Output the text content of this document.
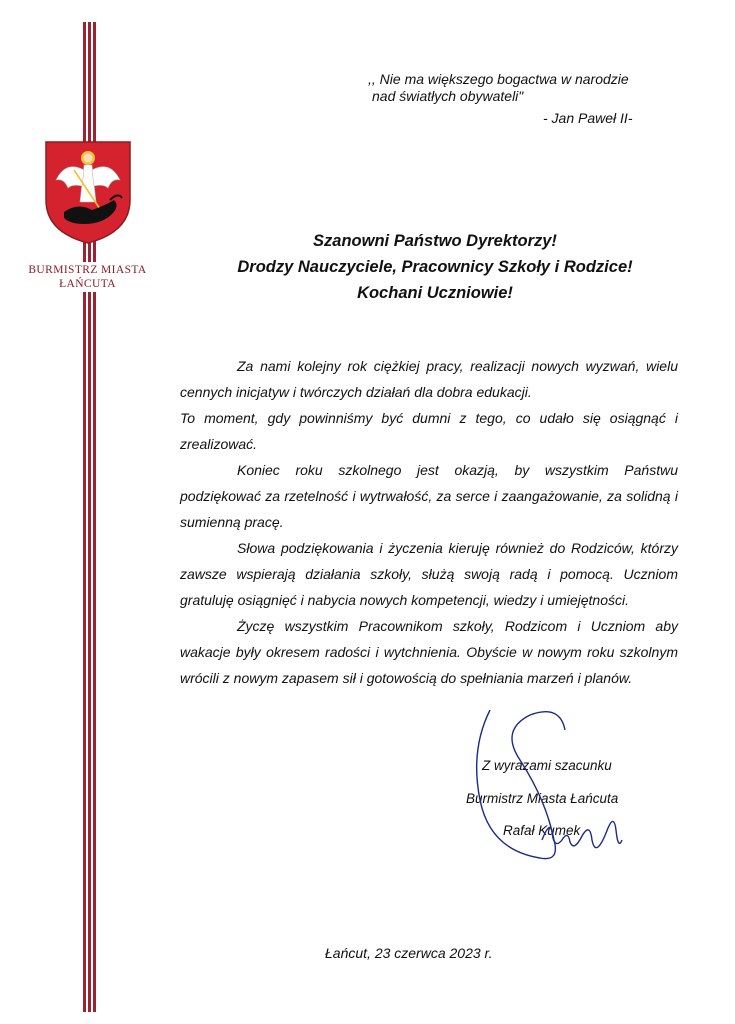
BURMISTRZ MIASTA
ŁAŃCUTA
,, Nie ma większego bogactwa w narodzie
nad światłych obywateli"
- Jan Paweł II-
Szanowni Państwo Dyrektorzy!
Drodzy Nauczyciele, Pracownicy Szkoły i Rodzice!
Kochani Uczniowie!

Za nami kolejny rok ciężkiej pracy, realizacji nowych wyzwań, wielu cennych inicjatyw i twórczych działań dla dobra edukacji.

To moment, gdy powinniśmy być dumni z tego, co udało się osiągnąć i zrealizować.

Koniec roku szkolnego jest okazją, by wszystkim Państwu podziękować za rzetelność i wytrwałość, za serce i zaangażowanie, za solidną i sumienną pracę.

Słowa podziękowania i życzenia kieruję również do Rodziców, którzy zawsze wspierają działania szkoły, służą swoją radą i pomocą. Uczniom gratuluję osiągnięć i nabycia nowych kompetencji, wiedzy i umiejętności.

Życzę wszystkim Pracownikom szkoły, Rodzicom i Uczniom aby wakacje były okresem radości i wytchnienia. Obyście w nowym roku szkolnym wrócili z nowym zapasem sił i gotowością do spełniania marzeń i planów.

Z wyrazami szacunku
Burmistrz Miasta Łańcuta
Rafał Kumek
Łańcut, 23 czerwca 2023 r.
